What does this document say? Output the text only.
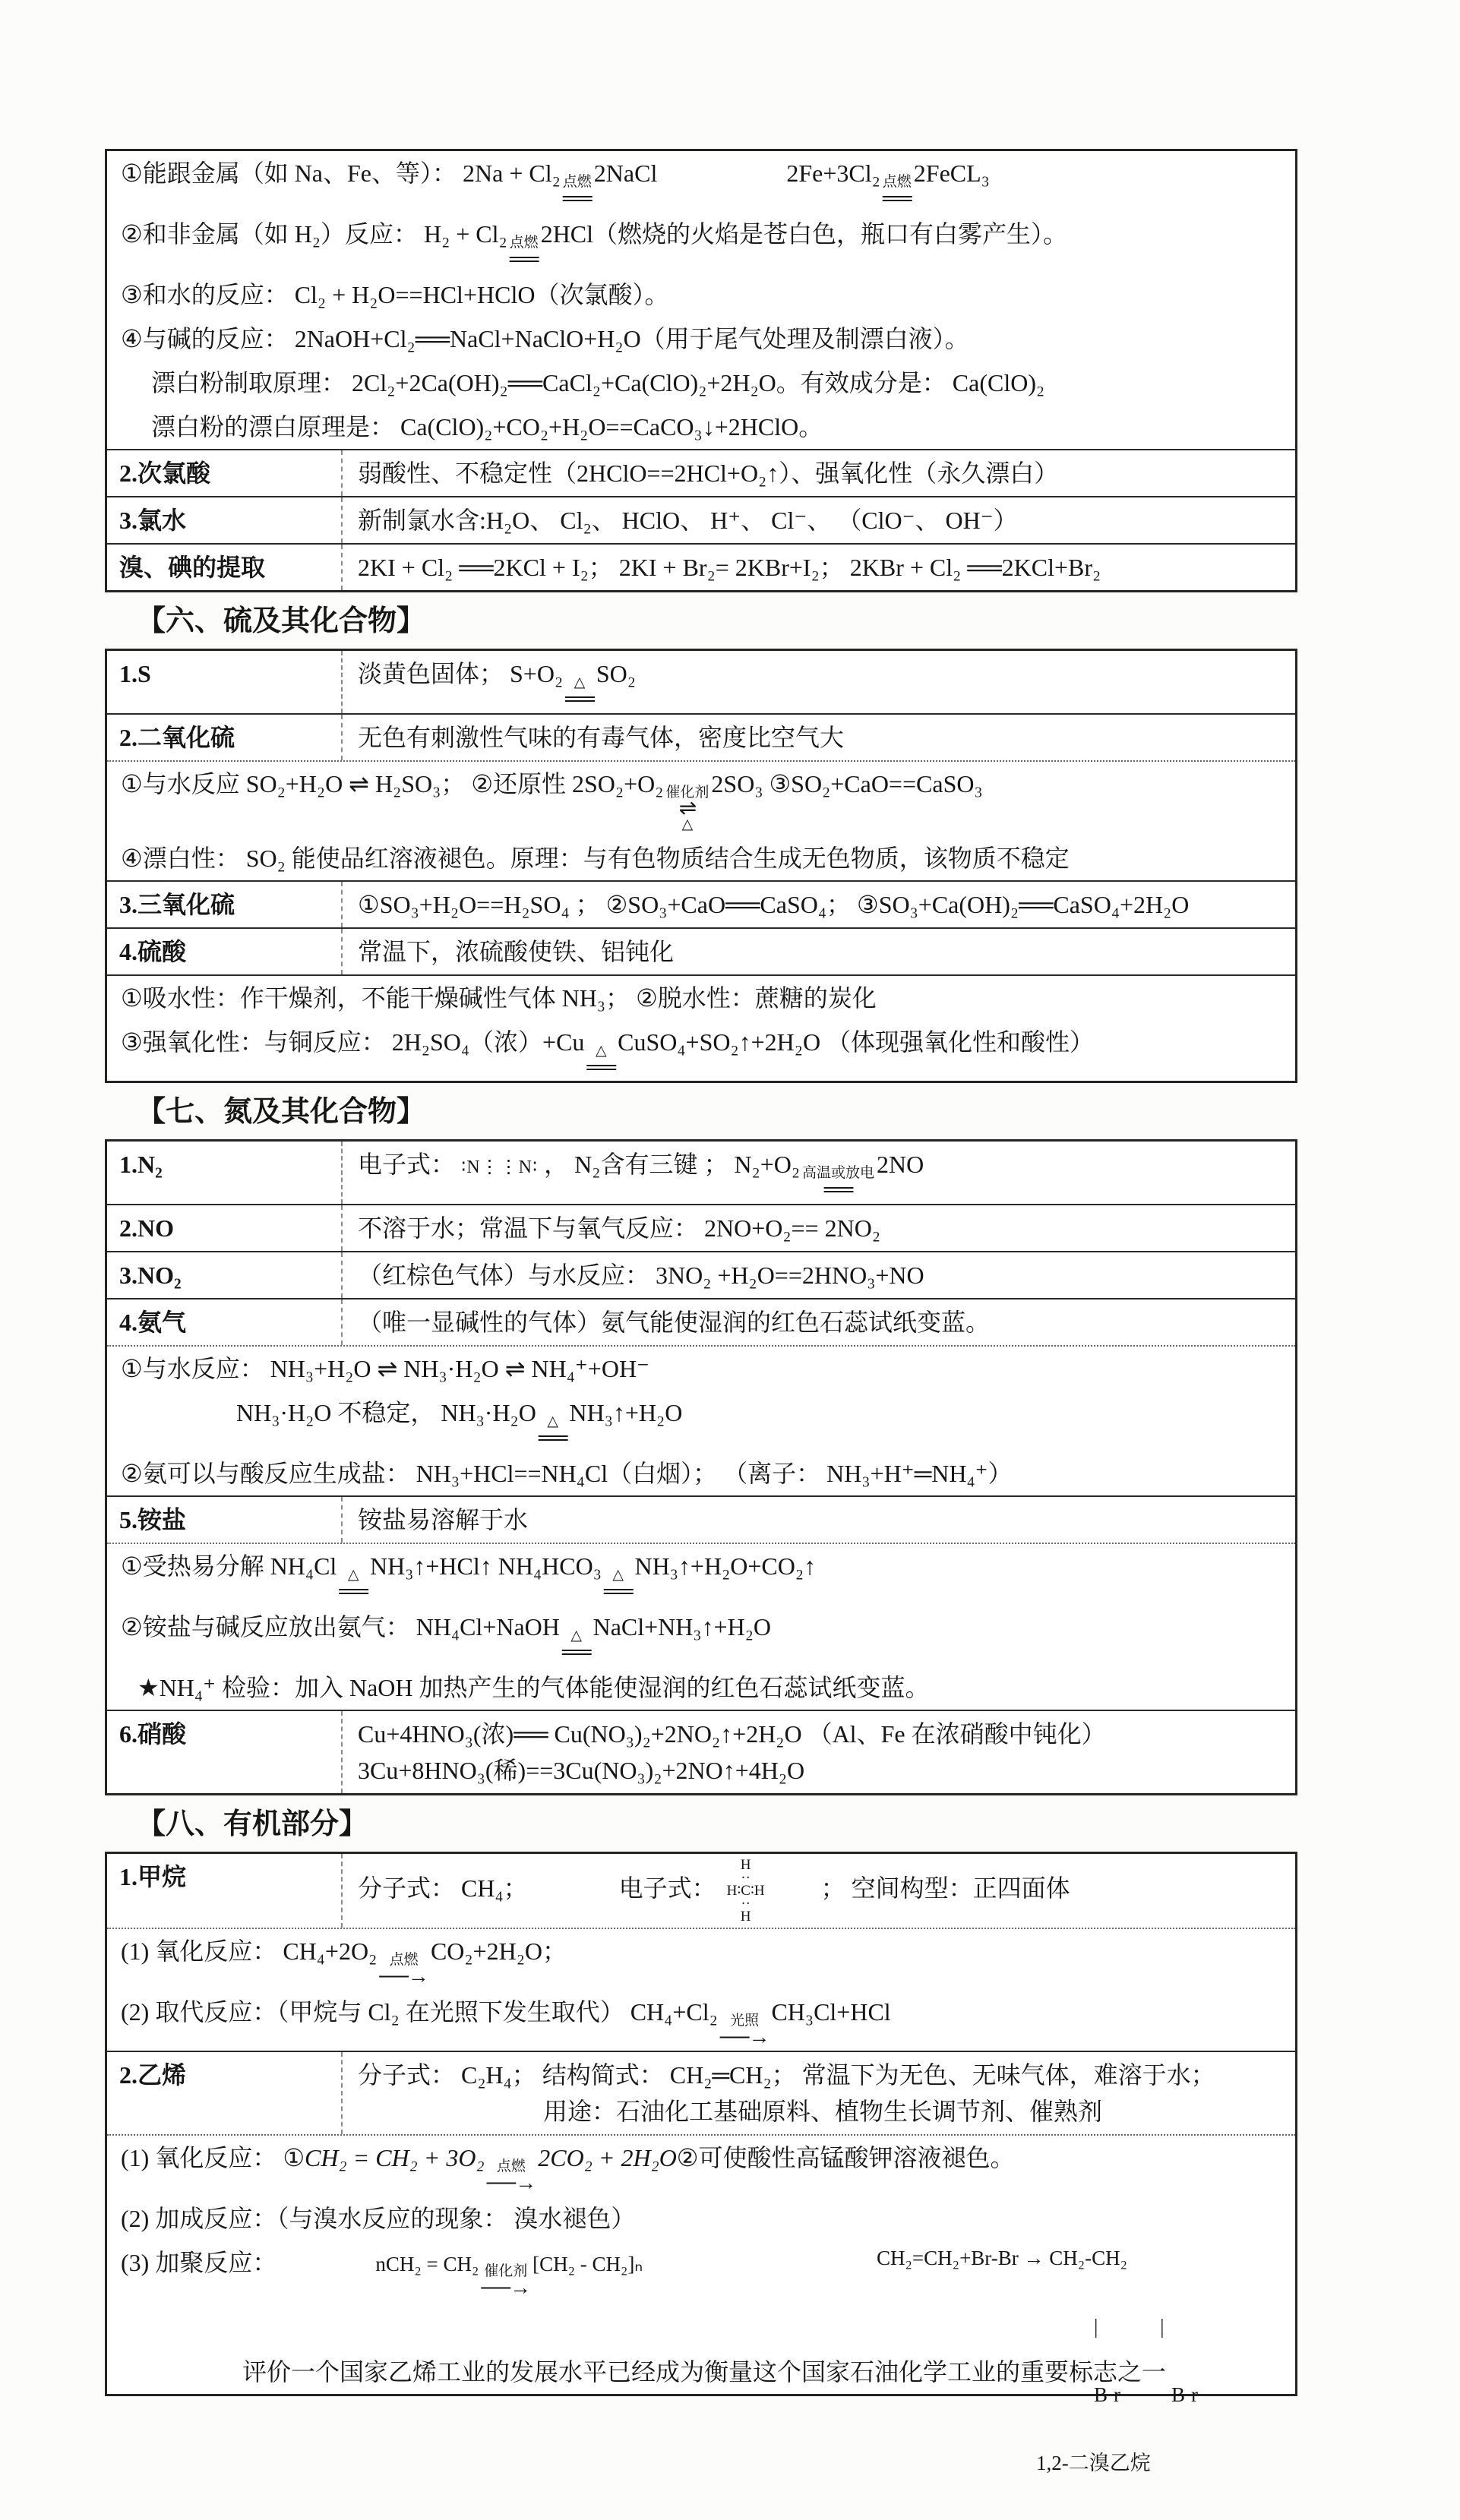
①能跟金属（如 Na、Fe、等）： 2Na + Cl₂ 点燃
══
2NaCl	2Fe+3Cl₂ 点燃
══
2FeCL₃
②和非金属（如 H₂）反应： H₂ + Cl₂ 点燃
══
2HCl（燃烧的火焰是苍白色，瓶口有白雾产生）。
③和水的反应： Cl₂ + H₂O==HCl+HClO（次氯酸）。
④与碱的反应： 2NaOH+Cl₂══NaCl+NaClO+H₂O（用于尾气处理及制漂白液）。
漂白粉制取原理： 2Cl₂+2Ca(OH)₂══CaCl₂+Ca(ClO)₂+2H₂O。有效成分是： Ca(ClO)₂
漂白粉的漂白原理是： Ca(ClO)₂+CO₂+H₂O==CaCO₃↓+2HClO。
2.次氯酸	弱酸性、不稳定性（2HClO==2HCl+O₂↑）、强氧化性（永久漂白）
3.氯水	新制氯水含:H₂O、 Cl₂、 HClO、 H⁺、 Cl⁻、 （ClO⁻、 OH⁻）
溴、碘的提取	2KI + Cl₂ ══2KCl + I₂； 2KI + Br₂= 2KBr+I₂； 2KBr + Cl₂ ══2KCl+Br₂
【六、硫及其化合物】
1.S	淡黄色固体； S+O₂ △
══
SO₂
2.二氧化硫	无色有刺激性气味的有毒气体，密度比空气大
①与水反应 SO₂+H₂O ⇌ H₂SO₃； ②还原性 2SO₂+O₂ 催化剂
⇌
△
2SO₃ ③SO₂+CaO==CaSO₃
④漂白性： SO₂ 能使品红溶液褪色。原理：与有色物质结合生成无色物质，该物质不稳定
3.三氧化硫	①SO₃+H₂O==H₂SO₄ ； ②SO₃+CaO══CaSO₄； ③SO₃+Ca(OH)₂══CaSO₄+2H₂O
4.硫酸	常温下，浓硫酸使铁、铝钝化
①吸水性：作干燥剂，不能干燥碱性气体 NH₃； ②脱水性：蔗糖的炭化
③强氧化性：与铜反应： 2H₂SO₄（浓）+Cu △
══
CuSO₄+SO₂↑+2H₂O （体现强氧化性和酸性）
【七、氮及其化合物】
1.N₂	电子式： ∶N⋮⋮N∶ ， N₂含有三键 ； N₂+O₂ 高温或放电
══
2NO
2.NO	不溶于水；常温下与氧气反应： 2NO+O₂== 2NO₂
3.NO₂	（红棕色气体）与水反应： 3NO₂ +H₂O==2HNO₃+NO
4.氨气	（唯一显碱性的气体）氨气能使湿润的红色石蕊试纸变蓝。
①与水反应： NH₃+H₂O ⇌ NH₃·H₂O ⇌ NH₄⁺+OH⁻
NH₃·H₂O 不稳定， NH₃·H₂O △
══
NH₃↑+H₂O
②氨可以与酸反应生成盐： NH₃+HCl==NH₄Cl（白烟）； （离子： NH₃+H⁺═NH₄⁺）
5.铵盐	铵盐易溶解于水
①受热易分解 NH₄Cl △
══
NH₃↑+HCl↑ NH₄HCO₃ △
══
NH₃↑+H₂O+CO₂↑
②铵盐与碱反应放出氨气： NH₄Cl+NaOH △
══
NaCl+NH₃↑+H₂O
★NH₄⁺ 检验：加入 NaOH 加热产生的气体能使湿润的红色石蕊试纸变蓝。
6.硝酸	Cu+4HNO₃(浓)══ Cu(NO₃)₂+2NO₂↑+2H₂O （Al、Fe 在浓硝酸中钝化）
3Cu+8HNO₃(稀)==3Cu(NO₃)₂+2NO↑+4H₂O
【八、有机部分】
1.甲烷	分子式： CH₄；	电子式：
H
··
H∶C∶H
··
H
； 空间构型：正四面体
(1) 氧化反应： CH₄+2O₂ 点燃
──→
CO₂+2H₂O；
(2) 取代反应：（甲烷与 Cl₂ 在光照下发生取代） CH₄+Cl₂ 光照
──→
CH₃Cl+HCl
2.乙烯	分子式： C₂H₄； 结构简式： CH₂═CH₂； 常温下为无色、无味气体，难溶于水；
用途：石油化工基础原料、植物生长调节剂、催熟剂
(1) 氧化反应： ①CH₂ = CH₂ + 3O₂ 点燃
──→
2CO₂ + 2H₂O②可使酸性高锰酸钾溶液褪色。
(2) 加成反应：（与溴水反应的现象： 溴水褪色）
(3) 加聚反应：	nCH₂ = CH₂ 催化剂
──→
[CH₂ - CH₂]ₙ

	CH₂=CH₂+Br-Br → CH₂-CH₂

|     |

Br    Br

1,2-二溴乙烷

评价一个国家乙烯工业的发展水平已经成为衡量这个国家石油化学工业的重要标志之一
